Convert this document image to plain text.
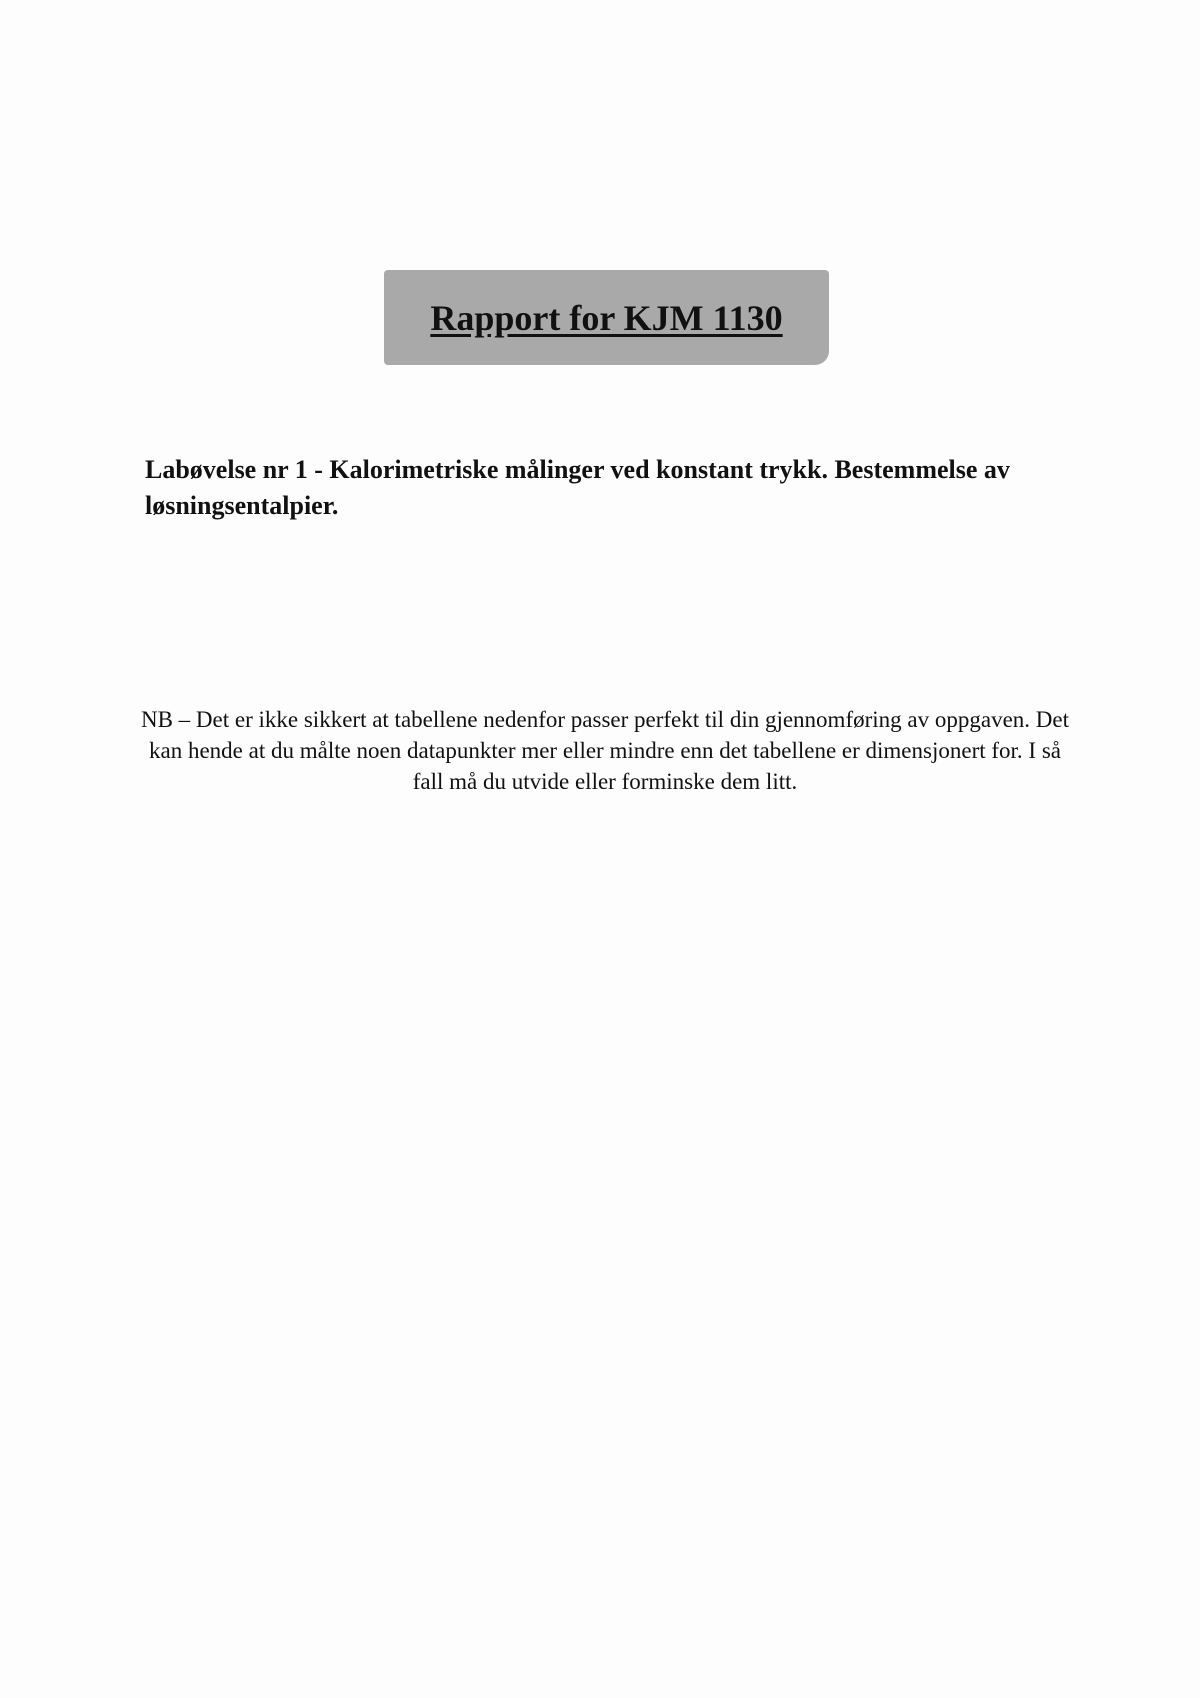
Rapport for KJM 1130

Labøvelse nr 1 - Kalorimetriske målinger ved konstant trykk. Bestemmelse av løsningsentalpier.

NB – Det er ikke sikkert at tabellene nedenfor passer perfekt til din gjennomføring av oppgaven. Det kan hende at du målte noen datapunkter mer eller mindre enn det tabellene er dimensjonert for. I så fall må du utvide eller forminske dem litt.
